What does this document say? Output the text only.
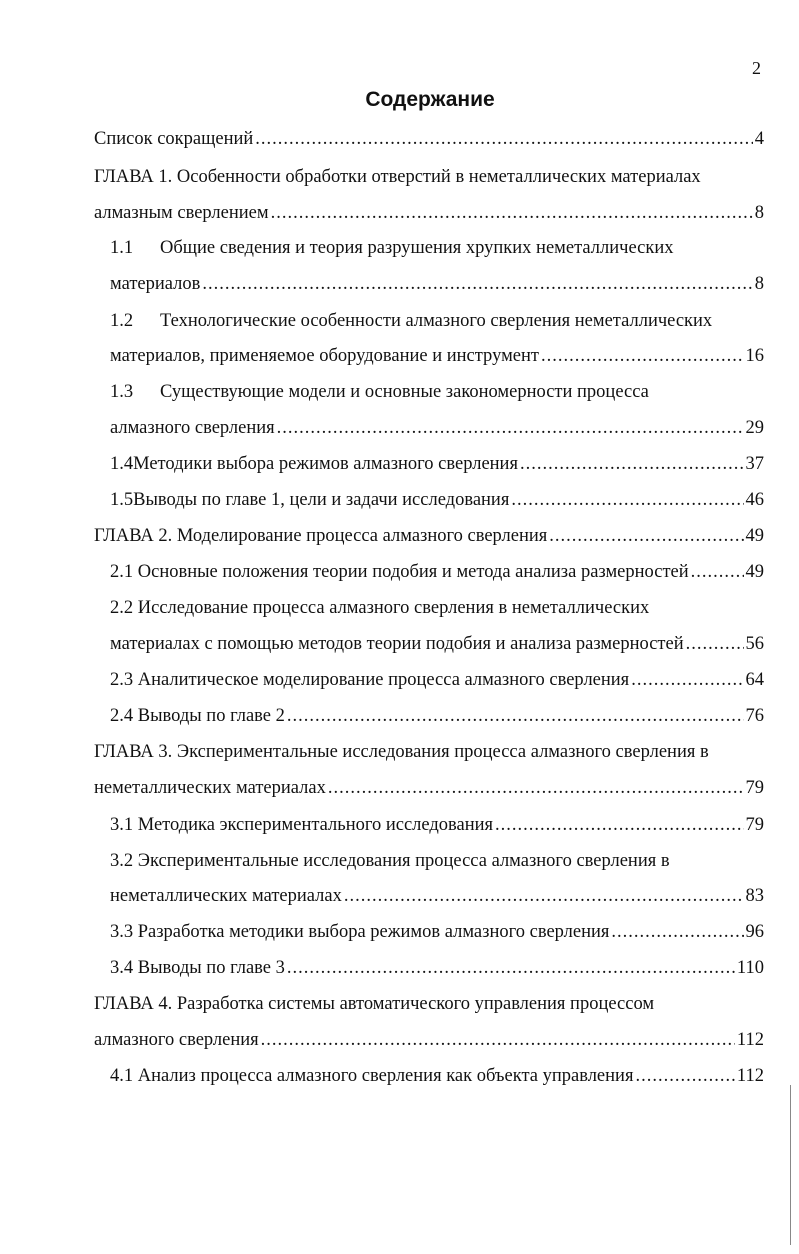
2
Содержание
Список сокращений .....	4
ГЛАВА 1. Особенности обработки отверстий в неметаллических материалах
алмазным сверлением .....	8
1.1	Общие сведения и теория разрушения хрупких неметаллических
материалов .....	8
1.2	Технологические особенности алмазного сверления неметаллических
материалов, применяемое оборудование и инструмент .....	16
1.3	Существующие модели и основные закономерности процесса
алмазного сверления .....	29
1.4 Методики выбора режимов алмазного сверления .....	37
1.5 Выводы по главе 1, цели и задачи исследования .....	46
ГЛАВА 2. Моделирование процесса алмазного сверления .....	49
2.1 Основные положения теории подобия и метода анализа размерностей .....	49
2.2 Исследование процесса алмазного сверления в неметаллических
материалах с помощью методов теории подобия и анализа размерностей .....	56
2.3 Аналитическое моделирование процесса алмазного сверления .....	64
2.4 Выводы по главе 2 .....	76
ГЛАВА 3. Экспериментальные исследования процесса алмазного сверления в
неметаллических материалах .....	79
3.1 Методика экспериментального исследования .....	79
3.2 Экспериментальные исследования процесса алмазного сверления в
неметаллических материалах .....	83
3.3 Разработка методики выбора режимов алмазного сверления .....	96
3.4 Выводы по главе 3 .....	110
ГЛАВА 4. Разработка системы автоматического управления процессом
алмазного сверления .....	112
4.1 Анализ процесса алмазного сверления как объекта управления .....	112
